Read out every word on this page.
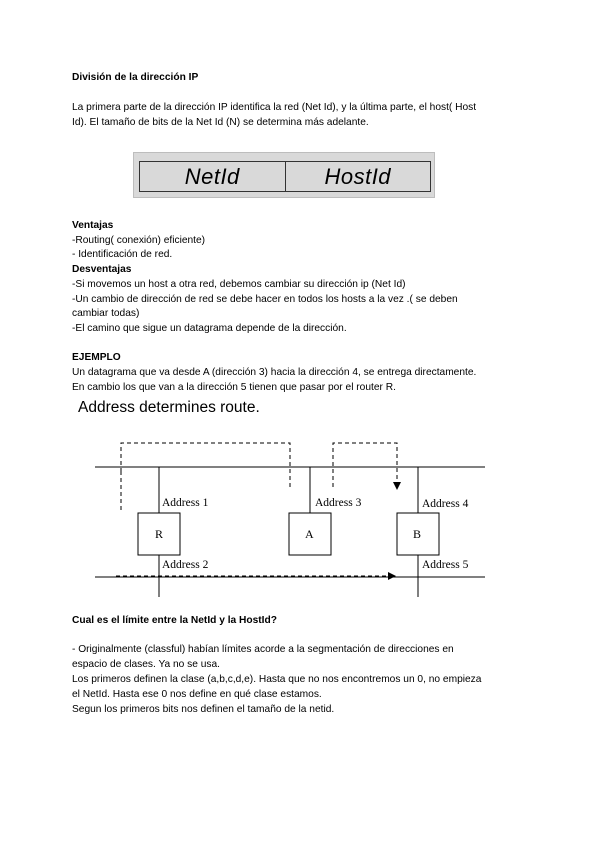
División de la dirección IP
La primera parte de la dirección IP identifica la red (Net Id), y la última parte, el host( Host
Id). El tamaño de bits de la Net Id (N) se determina más adelante.
NetId	HostId
Ventajas
-Routing( conexión) eficiente)
- Identificación de red.
Desventajas
-Si movemos un host a otra red, debemos cambiar su dirección ip (Net Id)
-Un cambio de dirección de red se debe hacer en todos los hosts a la vez .( se deben
cambiar todas)
-El camino que sigue un datagrama depende de la dirección.
EJEMPLO
Un datagrama que va desde A (dirección 3) hacia la dirección 4, se entrega directamente.
En cambio los que van a la dirección 5 tienen que pasar por el router R.
Address determines route.
Address 1
Address 2
Address 3	Address 4
Address 5
R	A	B
Cual es el límite entre la NetId y la HostId?
- Originalmente (classful) habían límites acorde a la segmentación de direcciones en
espacio de clases. Ya no se usa.
Los primeros definen la clase (a,b,c,d,e). Hasta que no nos encontremos un 0, no empieza
el NetId. Hasta ese 0 nos define en qué clase estamos.
Segun los primeros bits nos definen el tamaño de la netid.
